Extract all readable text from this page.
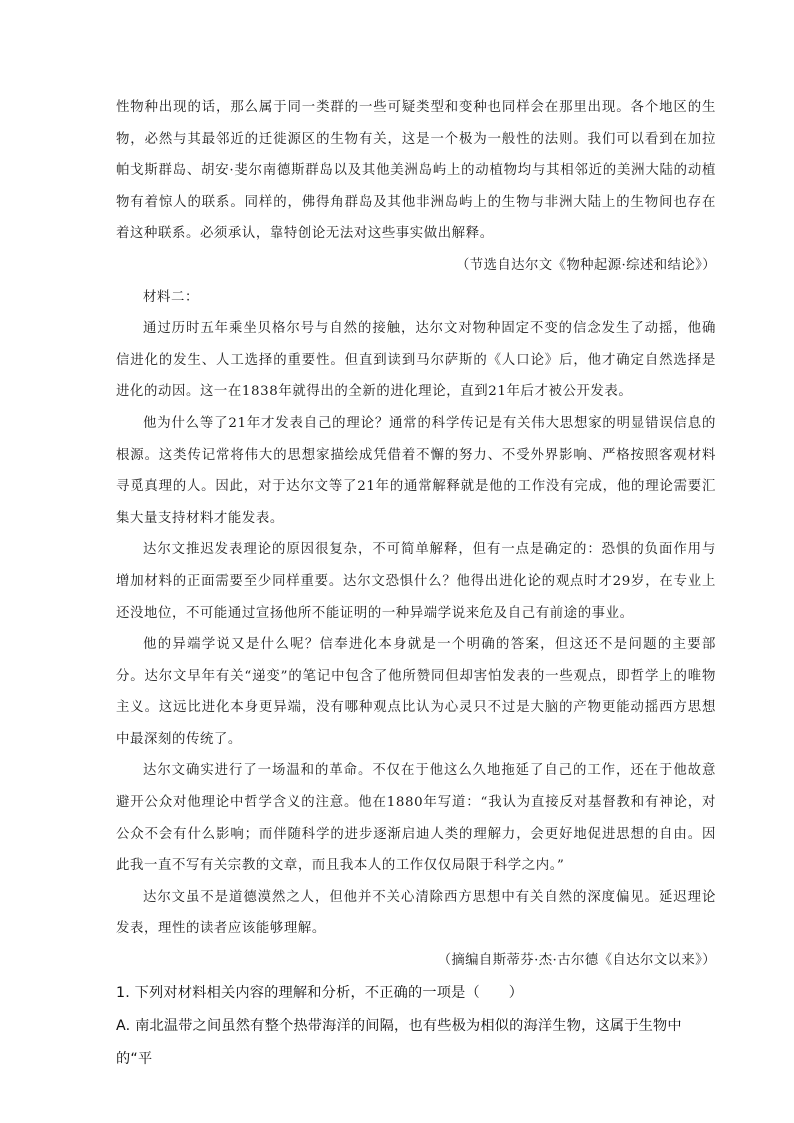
性物种出现的话，那么属于同一类群的一些可疑类型和变种也同样会在那里出现。各个地区的生物，必然与其最邻近的迁徙源区的生物有关，这是一个极为一般性的法则。我们可以看到在加拉帕戈斯群岛、胡安·斐尔南德斯群岛以及其他美洲岛屿上的动植物均与其相邻近的美洲大陆的动植物有着惊人的联系。同样的，佛得角群岛及其他非洲岛屿上的生物与非洲大陆上的生物间也存在着这种联系。必须承认，靠特创论无法对这些事实做出解释。

（节选自达尔文《物种起源·综述和结论》）

材料二：

通过历时五年乘坐贝格尔号与自然的接触，达尔文对物种固定不变的信念发生了动摇，他确信进化的发生、人工选择的重要性。但直到读到马尔萨斯的《人口论》后，他才确定自然选择是进化的动因。这一在1838年就得出的全新的进化理论，直到21年后才被公开发表。

他为什么等了21年才发表自己的理论？通常的科学传记是有关伟大思想家的明显错误信息的根源。这类传记常将伟大的思想家描绘成凭借着不懈的努力、不受外界影响、严格按照客观材料寻觅真理的人。因此，对于达尔文等了21年的通常解释就是他的工作没有完成，他的理论需要汇集大量支持材料才能发表。

达尔文推迟发表理论的原因很复杂，不可简单解释，但有一点是确定的：恐惧的负面作用与增加材料的正面需要至少同样重要。达尔文恐惧什么？他得出进化论的观点时才29岁，在专业上还没地位，不可能通过宣扬他所不能证明的一种异端学说来危及自己有前途的事业。

他的异端学说又是什么呢？信奉进化本身就是一个明确的答案，但这还不是问题的主要部分。达尔文早年有关“递变”的笔记中包含了他所赞同但却害怕发表的一些观点，即哲学上的唯物主义。这远比进化本身更异端，没有哪种观点比认为心灵只不过是大脑的产物更能动摇西方思想中最深刻的传统了。

达尔文确实进行了一场温和的革命。不仅在于他这么久地拖延了自己的工作，还在于他故意避开公众对他理论中哲学含义的注意。他在1880年写道：“我认为直接反对基督教和有神论，对公众不会有什么影响；而伴随科学的进步逐渐启迪人类的理解力，会更好地促进思想的自由。因此我一直不写有关宗教的文章，而且我本人的工作仅仅局限于科学之内。”

达尔文虽不是道德漠然之人，但他并不关心清除西方思想中有关自然的深度偏见。延迟理论发表，理性的读者应该能够理解。

（摘编自斯蒂芬·杰·古尔德《自达尔文以来》）

1. 下列对材料相关内容的理解和分析，不正确的一项是（　　）

A. 南北温带之间虽然有整个热带海洋的间隔，也有些极为相似的海洋生物，这属于生物中的“平
